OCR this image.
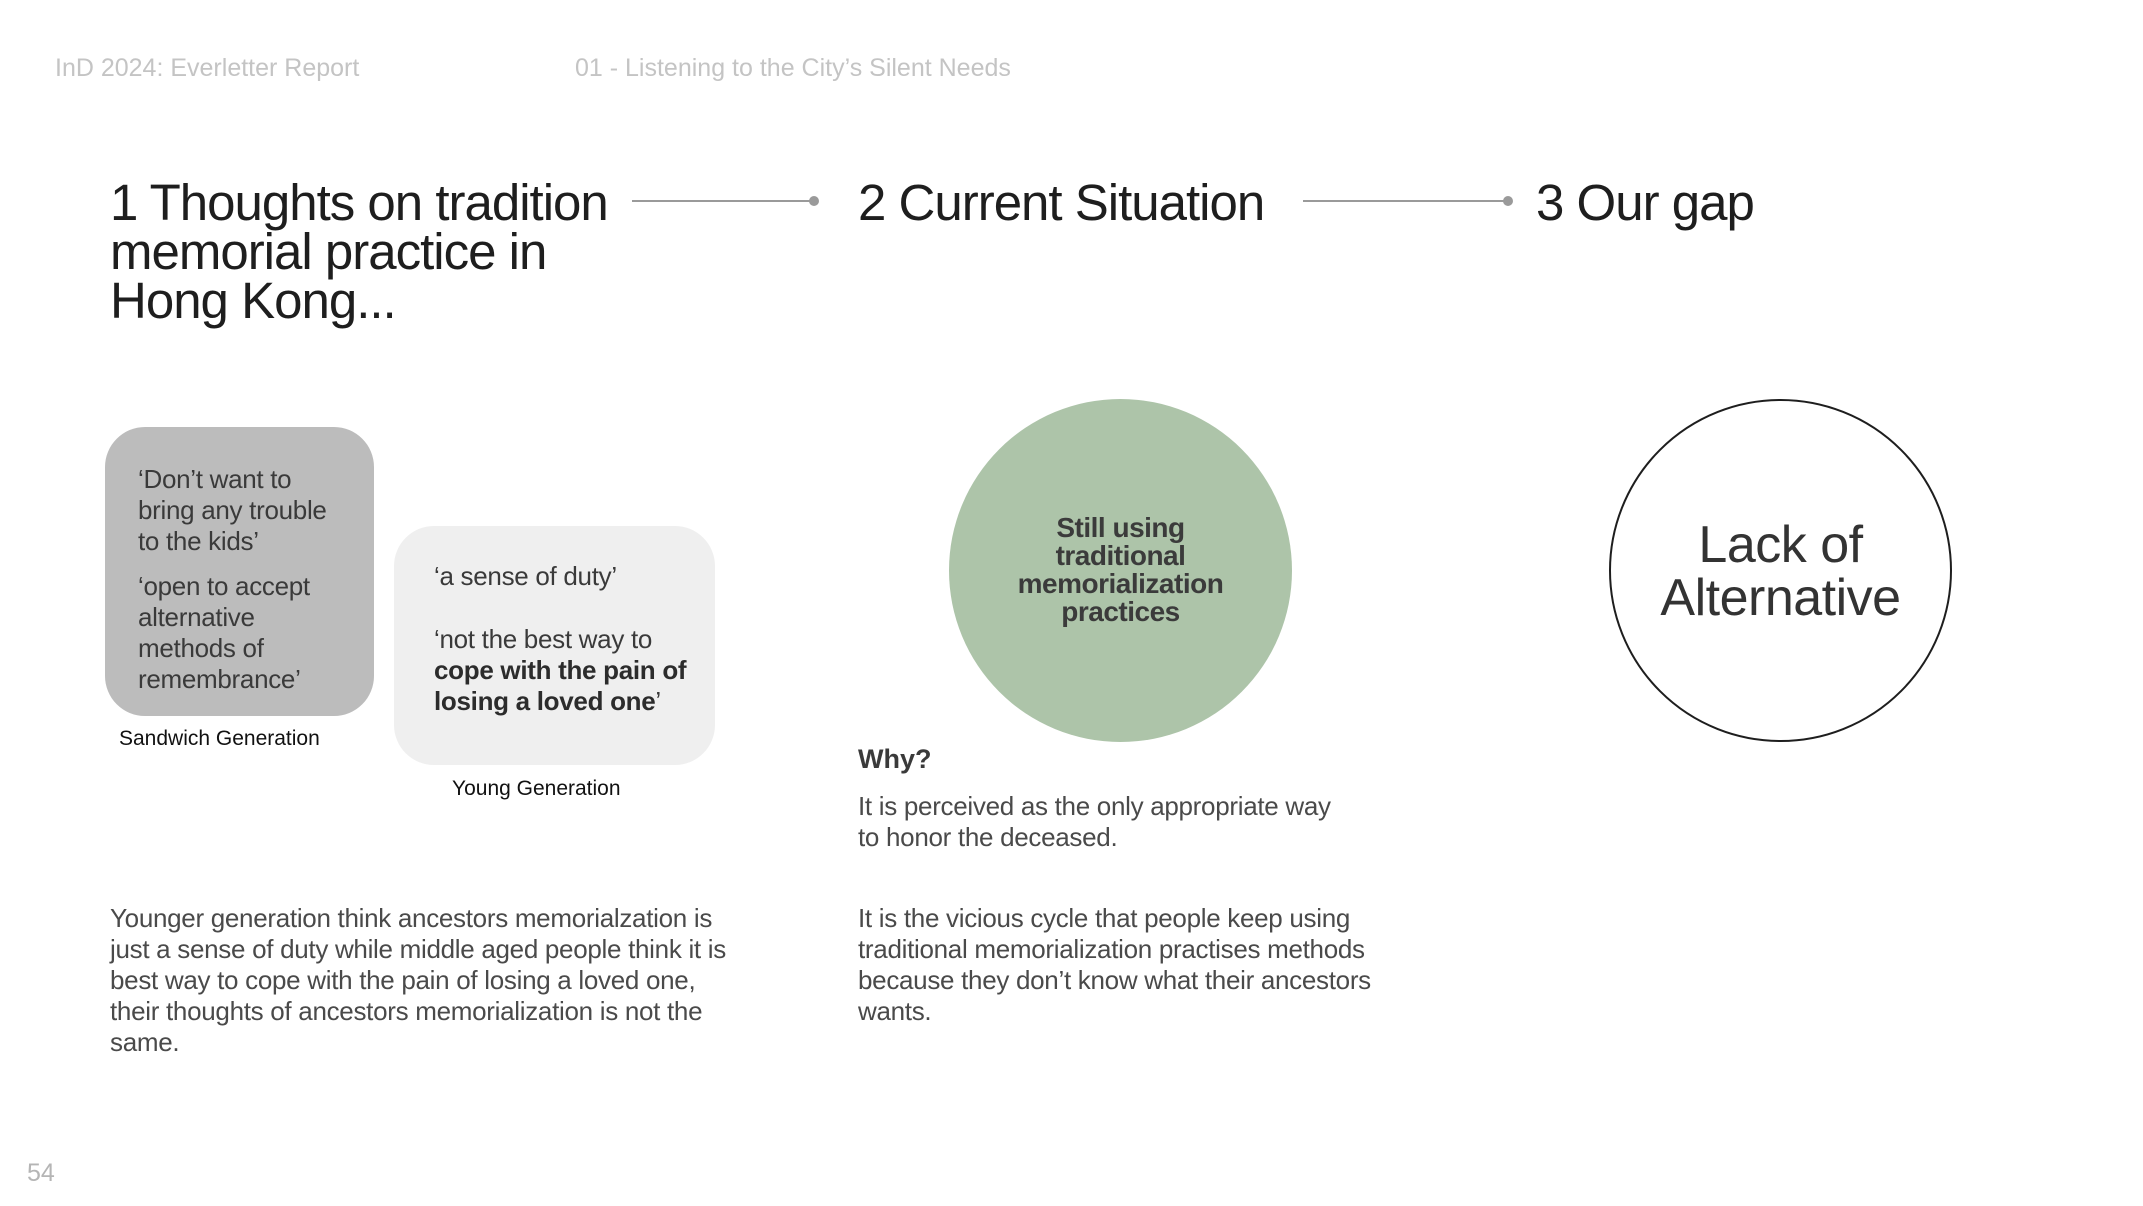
InD 2024: Everletter Report	01 - Listening to the City’s Silent Needs
1 Thoughts on tradition
memorial practice in
Hong Kong...
2 Current Situation	3 Our gap
‘Don’t want to
bring any trouble
to the kids’
‘open to accept
alternative
methods of
remembrance’
Sandwich Generation
‘a sense of duty’
‘not the best way to
cope with the pain of
losing a loved one’
Young Generation
Younger generation think ancestors memorialzation is
just a sense of duty while middle aged people think it is
best way to cope with the pain of losing a loved one,
their thoughts of ancestors memorialization is not the
same.
Still using
traditional
memorialization
practices
Why?
It is perceived as the only appropriate way
to honor the deceased.
It is the vicious cycle that people keep using
traditional memorialization practises methods
because they don’t know what their ancestors
wants.
Lack of
Alternative
54
